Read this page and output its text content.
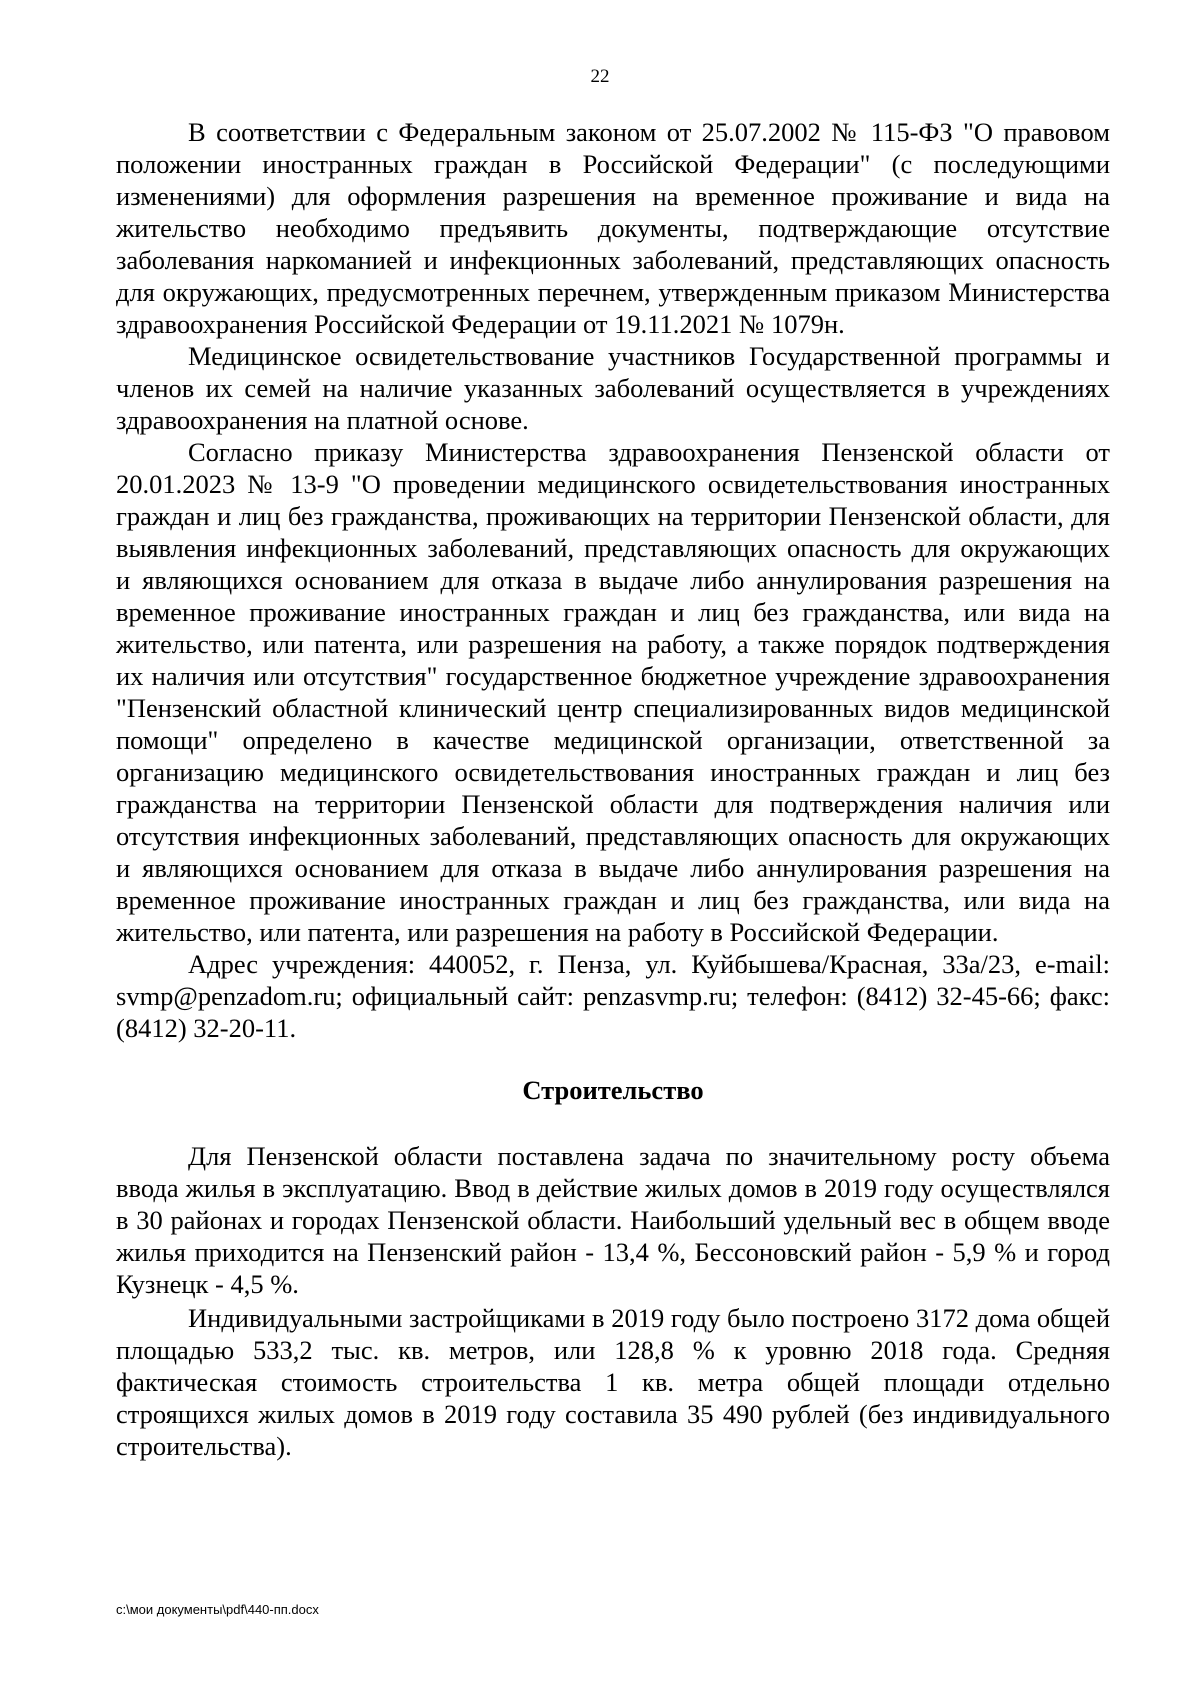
22

В соответствии с Федеральным законом от 25.07.2002 № 115-ФЗ "О правовом положении иностранных граждан в Российской Федерации" (с последующими изменениями) для оформления разрешения на временное проживание и вида на жительство необходимо предъявить документы, подтверждающие отсутствие заболевания наркоманией и инфекционных заболеваний, представляющих опасность для окружающих, предусмотренных перечнем, утвержденным приказом Министерства здравоохранения Российской Федерации от 19.11.2021 № 1079н.

Медицинское освидетельствование участников Государственной программы и членов их семей на наличие указанных заболеваний осуществляется в учреждениях здравоохранения на платной основе.

Согласно приказу Министерства здравоохранения Пензенской области от 20.01.2023 № 13-9 "О проведении медицинского освидетельствования иностранных граждан и лиц без гражданства, проживающих на территории Пензенской области, для выявления инфекционных заболеваний, представляющих опасность для окружающих и являющихся основанием для отказа в выдаче либо аннулирования разрешения на временное проживание иностранных граждан и лиц без гражданства, или вида на жительство, или патента, или разрешения на работу, а также порядок подтверждения их наличия или отсутствия" государственное бюджетное учреждение здравоохранения "Пензенский областной клинический центр специализированных видов медицинской помощи" определено в качестве медицинской организации, ответственной за организацию медицинского освидетельствования иностранных граждан и лиц без гражданства на территории Пензенской области для подтверждения наличия или отсутствия инфекционных заболеваний, представляющих опасность для окружающих и являющихся основанием для отказа в выдаче либо аннулирования разрешения на временное проживание иностранных граждан и лиц без гражданства, или вида на жительство, или патента, или разрешения на работу в Российской Федерации.

Адрес учреждения: 440052, г. Пенза, ул. Куйбышева/Красная, 33а/23, e-mail: svmp@penzadom.ru; официальный сайт: penzasvmp.ru; телефон: (8412) 32-45-66; факс: (8412) 32-20-11.

Строительство

Для Пензенской области поставлена задача по значительному росту объема ввода жилья в эксплуатацию. Ввод в действие жилых домов в 2019 году осуществлялся в 30 районах и городах Пензенской области. Наибольший удельный вес в общем вводе жилья приходится на Пензенский район - 13,4 %, Бессоновский район - 5,9 % и город Кузнецк - 4,5 %.

Индивидуальными застройщиками в 2019 году было построено 3172 дома общей площадью 533,2 тыс. кв. метров, или 128,8 % к уровню 2018 года. Средняя фактическая стоимость строительства 1 кв. метра общей площади отдельно строящихся жилых домов в 2019 году составила 35 490 рублей (без индивидуального строительства).

c:\мои документы\pdf\440-пп.docx
